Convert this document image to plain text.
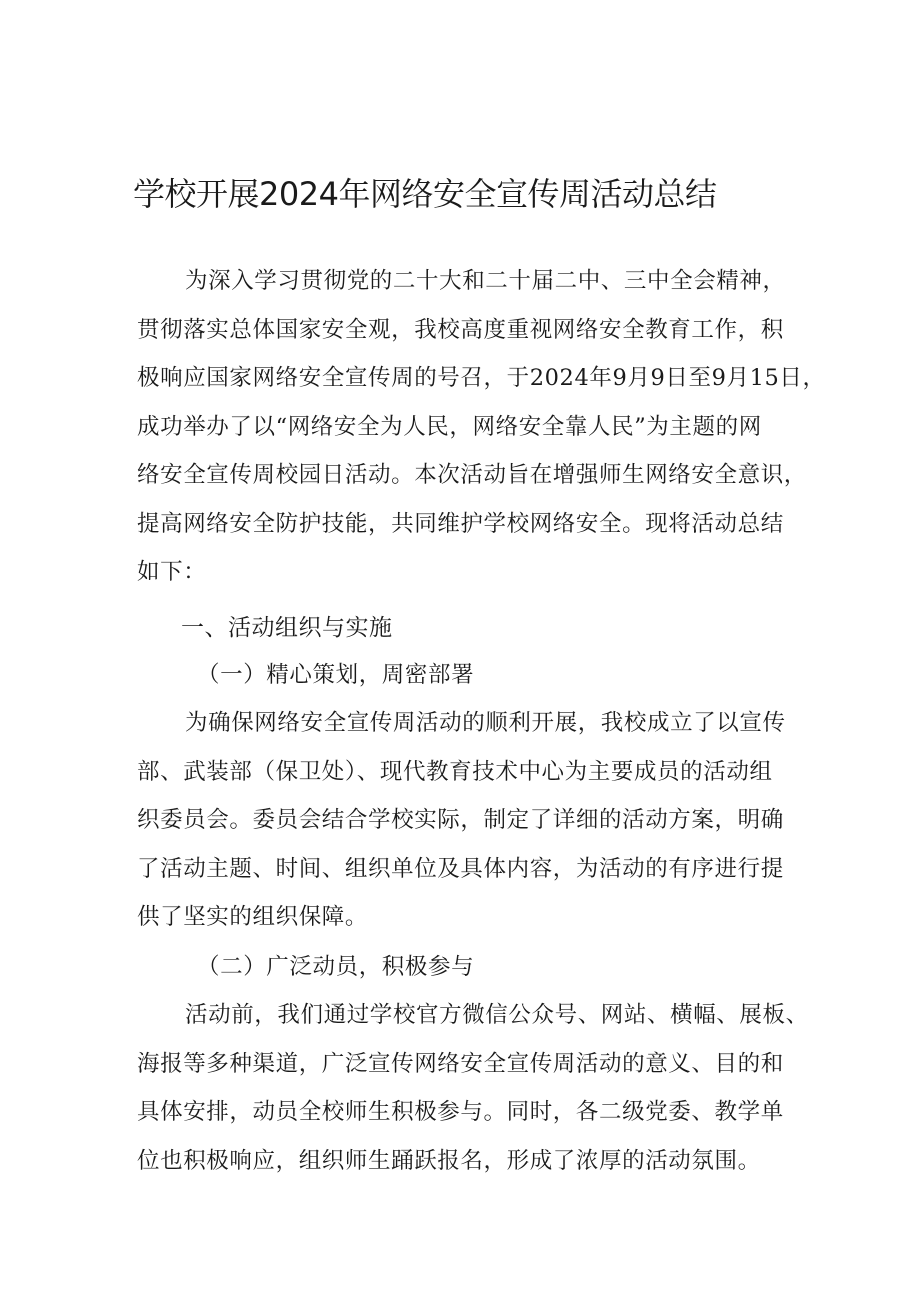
学校开展2024年网络安全宣传周活动总结
为深入学习贯彻党的二十大和二十届二中、三中全会精神，
贯彻落实总体国家安全观，我校高度重视网络安全教育工作，积
极响应国家网络安全宣传周的号召，于2024年9月9日至9月15日，
成功举办了以“网络安全为人民，网络安全靠人民”为主题的网
络安全宣传周校园日活动。本次活动旨在增强师生网络安全意识，
提高网络安全防护技能，共同维护学校网络安全。现将活动总结
如下：
一、活动组织与实施
（一）精心策划，周密部署
为确保网络安全宣传周活动的顺利开展，我校成立了以宣传
部、武装部（保卫处）、现代教育技术中心为主要成员的活动组
织委员会。委员会结合学校实际，制定了详细的活动方案，明确
了活动主题、时间、组织单位及具体内容，为活动的有序进行提
供了坚实的组织保障。
（二）广泛动员，积极参与
活动前，我们通过学校官方微信公众号、网站、横幅、展板、
海报等多种渠道，广泛宣传网络安全宣传周活动的意义、目的和
具体安排，动员全校师生积极参与。同时，各二级党委、教学单
位也积极响应，组织师生踊跃报名，形成了浓厚的活动氛围。
